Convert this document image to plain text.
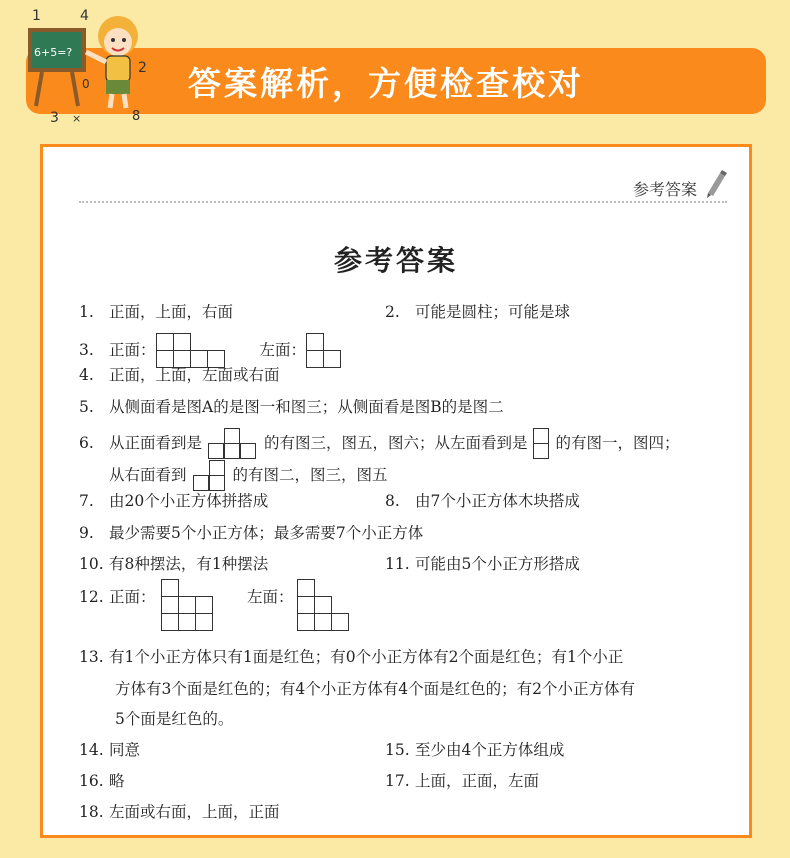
答案解析，方便检查校对
1	4
2
0
3 ×	8
6+5=?
参考答案
参考答案
1. 正面，上面，右面	2. 可能是圆柱；可能是球
3. 正面：	左面：
4. 正面，上面，左面或右面
5. 从侧面看是图A的是图一和图三；从侧面看是图B的是图二
6. 从正面看到是	的有图三，图五，图六；从左面看到是 的有图一，图四；
从右面看到	的有图二，图三，图五
7. 由20个小正方体拼搭成	8. 由7个小正方体木块搭成
9. 最少需要5个小正方体；最多需要7个小正方体
10. 有8种摆法，有1种摆法	11. 可能由5个小正方形搭成
12. 正面：	左面：
13. 有1个小正方体只有1面是红色；有0个小正方体有2个面是红色；有1个小正
方体有3个面是红色的；有4个小正方体有4个面是红色的；有2个小正方体有
5个面是红色的。
14. 同意	15. 至少由4个正方体组成
16. 略	17. 上面，正面，左面
18. 左面或右面，上面，正面
